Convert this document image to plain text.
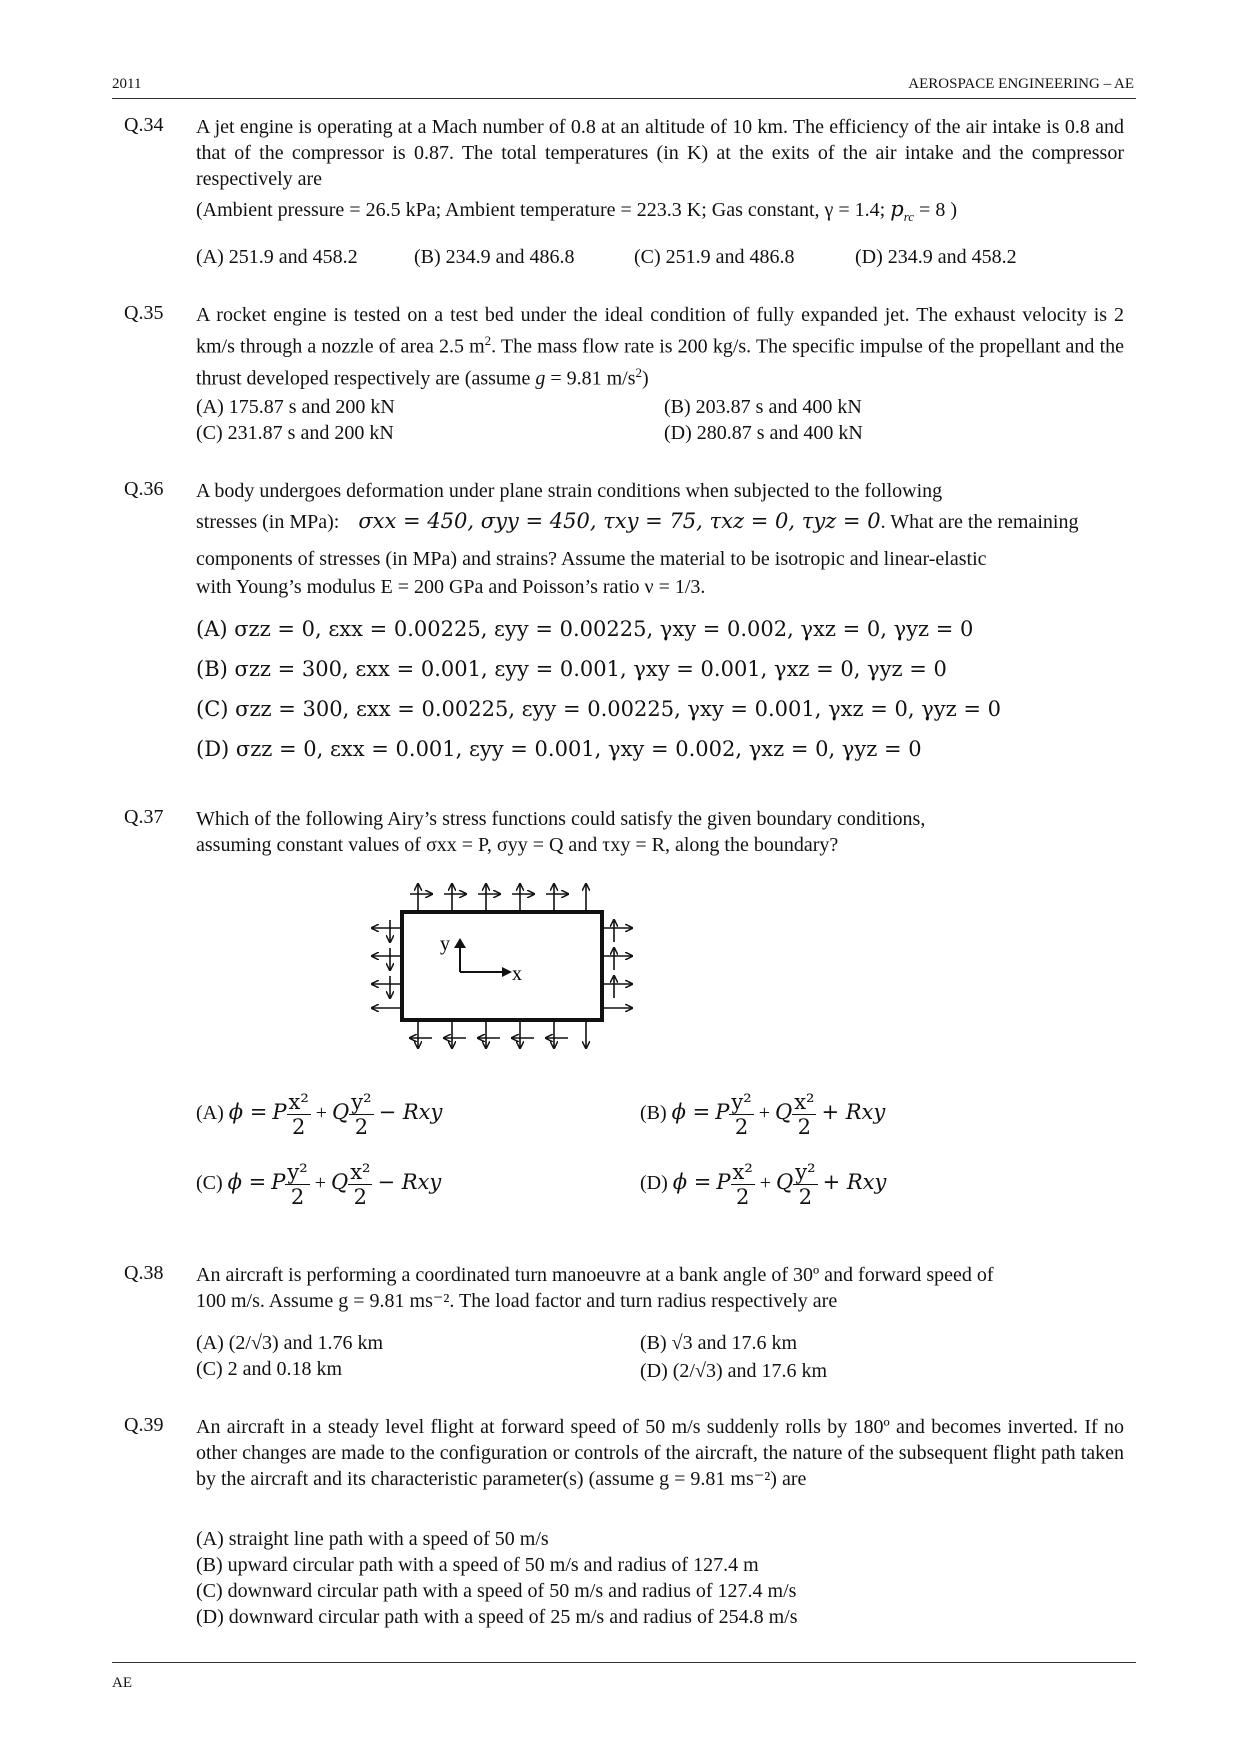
2011	AEROSPACE ENGINEERING – AE
Q.34 A jet engine is operating at a Mach number of 0.8 at an altitude of 10 km. The efficiency of the air intake is 0.8 and that of the compressor is 0.87. The total temperatures (in K) at the exits of the air intake and the compressor respectively are
(Ambient pressure = 26.5 kPa; Ambient temperature = 223.3 K; Gas constant, γ = 1.4; $p_{rc} = 8$ )
(A) 251.9 and 458.2	(B) 234.9 and 486.8	(C) 251.9 and 486.8	(D) 234.9 and 458.2
Q.35 A rocket engine is tested on a test bed under the ideal condition of fully expanded jet. The exhaust velocity is 2 km/s through a nozzle of area 2.5 $m^2$. The mass flow rate is 200 kg/s. The specific impulse of the propellant and the thrust developed respectively are (assume g = 9.81 $m/s^2$)
(A) 175.87 s and 200 kN	(B) 203.87 s and 400 kN
(C) 231.87 s and 200 kN	(D) 280.87 s and 400 kN
Q.36 A body undergoes deformation under plane strain conditions when subjected to the following
stresses (in MPa): σxx = 450, σyy = 450, τxy = 75, τxz = 0, τyz = 0. What are the remaining
components of stresses (in MPa) and strains? Assume the material to be isotropic and linear-elastic
with Young’s modulus E = 200 GPa and Poisson’s ratio ν = 1/3.
(A) σzz = 0, εxx = 0.00225, εyy = 0.00225, γxy = 0.002, γxz = 0, γyz = 0
(B) σzz = 300, εxx = 0.001, εyy = 0.001, γxy = 0.001, γxz = 0, γyz = 0
(C) σzz = 300, εxx = 0.00225, εyy = 0.00225, γxy = 0.001, γxz = 0, γyz = 0
(D) σzz = 0, εxx = 0.001, εyy = 0.001, γxy = 0.002, γxz = 0, γyz = 0
Q.37 Which of the following Airy’s stress functions could satisfy the given boundary conditions,
assuming constant values of σxx = P, σyy = Q and τxy = R, along the boundary?
y
x
(A) ϕ = P $\frac{\text{x²}}{2} + Q \frac{\text{y²}}{2}$ − Rxy	(B) ϕ = P $\frac{\text{y²}}{2} + Q \frac{\text{x²}}{2}$ + Rxy
(C) ϕ = P $\frac{\text{y²}}{2} + Q \frac{\text{x²}}{2}$ − Rxy	(D) ϕ = P $\frac{\text{x²}}{2} + Q \frac{\text{y²}}{2}$ + Rxy
Q.38 An aircraft is performing a coordinated turn manoeuvre at a bank angle of 30º and forward speed of
100 m/s. Assume g = 9.81 ms⁻². The load factor and turn radius respectively are
(A) (2/√3) and 1.76 km	(B) √3 and 17.6 km
(C) 2 and 0.18 km	(D) (2/√3) and 17.6 km
Q.39 An aircraft in a steady level flight at forward speed of 50 m/s suddenly rolls by 180º and becomes inverted. If no other changes are made to the configuration or controls of the aircraft, the nature of the subsequent flight path taken by the aircraft and its characteristic parameter(s) (assume g = 9.81 ms⁻²) are
(A) straight line path with a speed of 50 m/s
(B) upward circular path with a speed of 50 m/s and radius of 127.4 m
(C) downward circular path with a speed of 50 m/s and radius of 127.4 m/s
(D) downward circular path with a speed of 25 m/s and radius of 254.8 m/s
AE
